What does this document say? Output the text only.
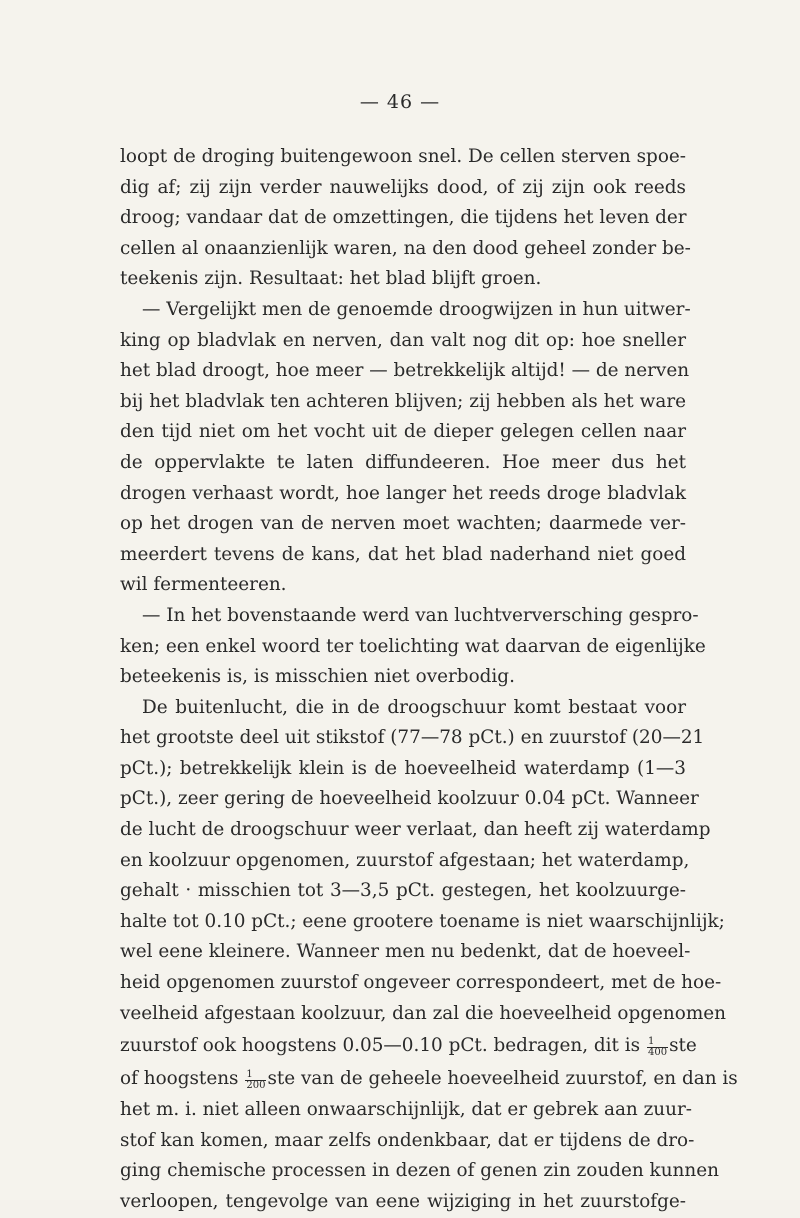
— 46 —
loopt de droging buitengewoon snel. De cellen sterven spoe-
dig af; zij zijn verder nauwelijks dood, of zij zijn ook reeds
droog; vandaar dat de omzettingen, die tijdens het leven der
cellen al onaanzienlijk waren, na den dood geheel zonder be-
teekenis zijn. Resultaat: het blad blijft groen.
— Vergelijkt men de genoemde droogwijzen in hun uitwer-
king op bladvlak en nerven, dan valt nog dit op: hoe sneller
het blad droogt, hoe meer — betrekkelijk altijd! — de nerven
bij het bladvlak ten achteren blijven; zij hebben als het ware
den tijd niet om het vocht uit de dieper gelegen cellen naar
de oppervlakte te laten diffundeeren. Hoe meer dus het
drogen verhaast wordt, hoe langer het reeds droge bladvlak
op het drogen van de nerven moet wachten; daarmede ver-
meerdert tevens de kans, dat het blad naderhand niet goed
wil fermenteeren.
— In het bovenstaande werd van luchtverversching gespro-
ken; een enkel woord ter toelichting wat daarvan de eigenlijke
beteekenis is, is misschien niet overbodig.
De buitenlucht, die in de droogschuur komt bestaat voor
het grootste deel uit stikstof (77—78 pCt.) en zuurstof (20—21
pCt.); betrekkelijk klein is de hoeveelheid waterdamp (1—3
pCt.), zeer gering de hoeveelheid koolzuur 0.04 pCt. Wanneer
de lucht de droogschuur weer verlaat, dan heeft zij waterdamp
en koolzuur opgenomen, zuurstof afgestaan; het waterdamp,
gehalt · misschien tot 3—3,5 pCt. gestegen, het koolzuurge-
halte tot 0.10 pCt.; eene grootere toename is niet waarschijnlijk;
wel eene kleinere. Wanneer men nu bedenkt, dat de hoeveel-
heid opgenomen zuurstof ongeveer correspondeert, met de hoe-
veelheid afgestaan koolzuur, dan zal die hoeveelheid opgenomen
zuurstof ook hoogstens 0.05—0.10 pCt. bedragen, dit is $\frac{1}{400}$ ste
of hoogstens $\frac{1}{200}$ ste van de geheele hoeveelheid zuurstof, en dan is
het m. i. niet alleen onwaarschijnlijk, dat er gebrek aan zuur-
stof kan komen, maar zelfs ondenkbaar, dat er tijdens de dro-
ging chemische processen in dezen of genen zin zouden kunnen
verloopen, tengevolge van eene wijziging in het zuurstofge-
